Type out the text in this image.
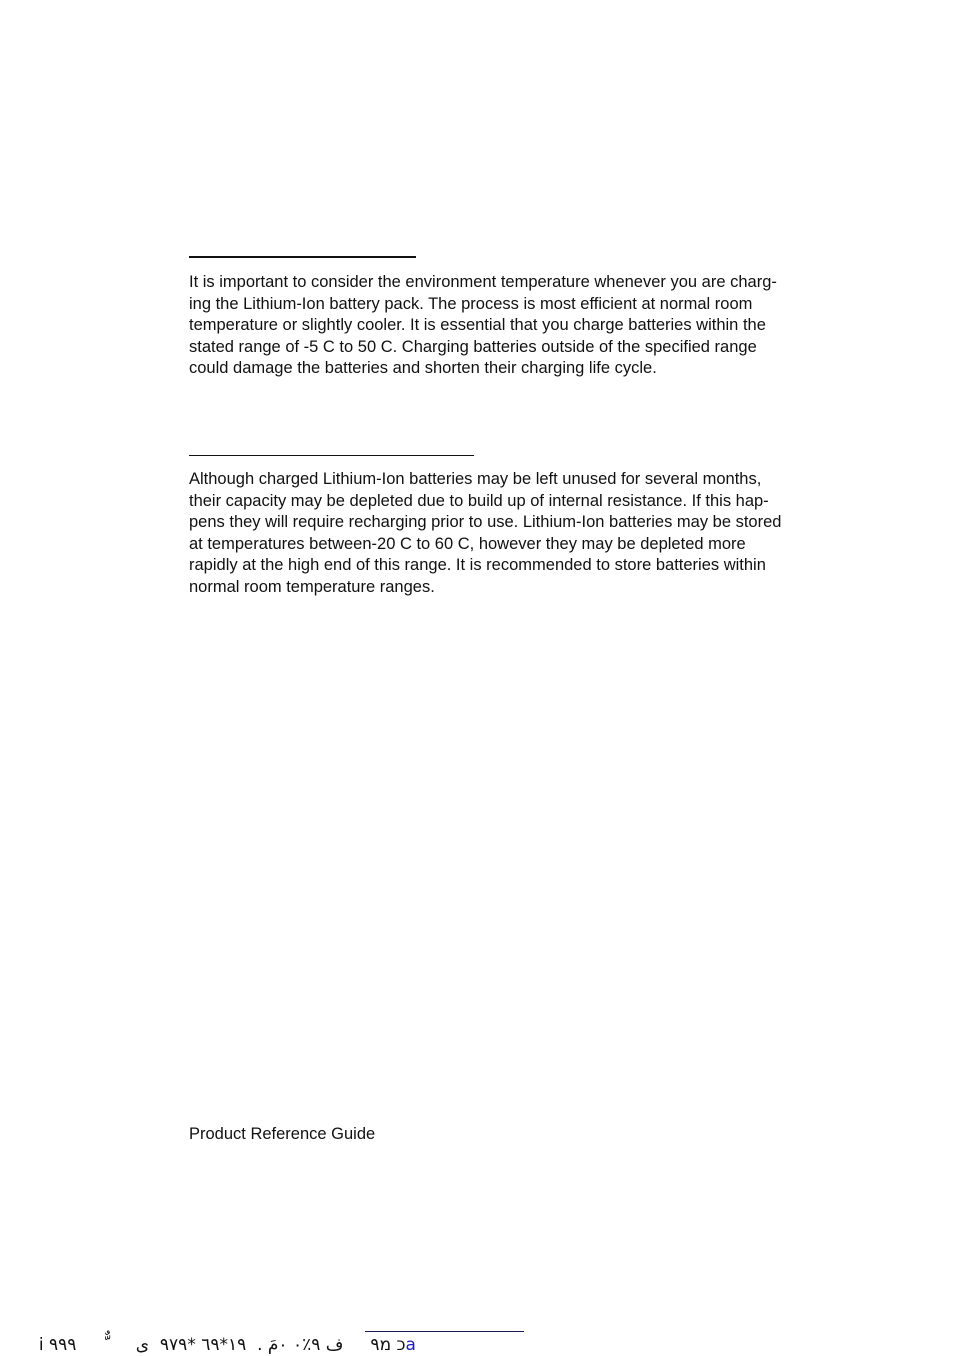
It is important to consider the environment temperature whenever you are charg-
ing the Lithium-Ion battery pack. The process is most efficient at normal room
temperature or slightly cooler. It is essential that you charge batteries within the
stated range of -5 C to 50 C. Charging batteries outside of the specified range
could damage the batteries and shorten their charging life cycle.
Although charged Lithium-Ion batteries may be left unused for several months,
their capacity may be depleted due to build up of internal resistance. If this hap-
pens they will require recharging prior to use. Lithium-Ion batteries may be stored
at temperatures between-20 C to 60 C, however they may be depleted more
rapidly at the high end of this range. It is recommended to store batteries within
normal room temperature ranges.
Product Reference Guide

i כ מ٩     ف ٩٪٠ ٠مَ .  ١٩*٦٩ *٩٧٩  ى      ٌّ     ٩٩٩a
